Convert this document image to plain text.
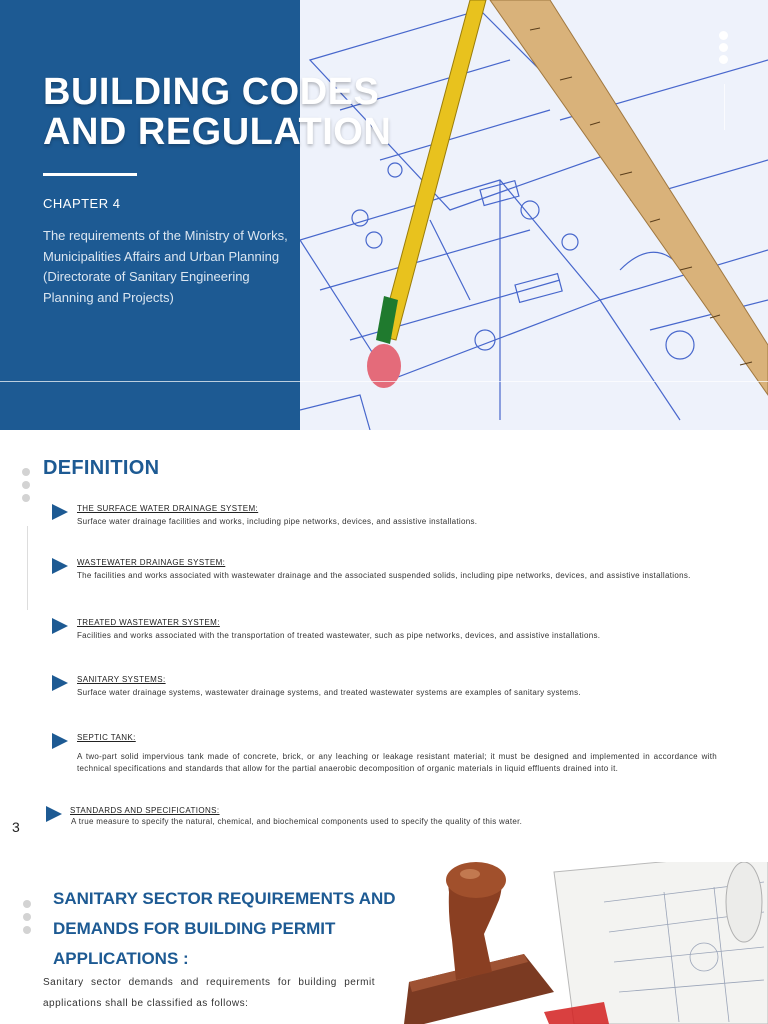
BUILDING CODES
AND REGULATION
CHAPTER 4
The requirements of the Ministry of Works, Municipalities Affairs and Urban Planning (Directorate of Sanitary Engineering Planning and Projects)
DEFINITION
THE SURFACE WATER DRAINAGE SYSTEM:
Surface water drainage facilities and works, including pipe networks, devices, and assistive installations.
WASTEWATER DRAINAGE SYSTEM:
The facilities and works associated with wastewater drainage and the associated suspended solids, including pipe networks, devices, and assistive installations.
TREATED WASTEWATER SYSTEM:
Facilities and works associated with the transportation of treated wastewater, such as pipe networks, devices, and assistive installations.
SANITARY SYSTEMS:
Surface water drainage systems, wastewater drainage systems, and treated wastewater systems are examples of sanitary systems.
SEPTIC TANK:
A two-part solid impervious tank made of concrete, brick, or any leaching or leakage resistant material; it must be designed and implemented in accordance with technical specifications and standards that allow for the partial anaerobic decomposition of organic materials in liquid effluents drained into it.
STANDARDS AND SPECIFICATIONS:
A true measure to specify the natural, chemical, and biochemical components used to specify the quality of this water.
3
SANITARY SECTOR REQUIREMENTS AND DEMANDS FOR BUILDING PERMIT APPLICATIONS :

Sanitary sector demands and requirements for building permit applications shall be classified as follows:
